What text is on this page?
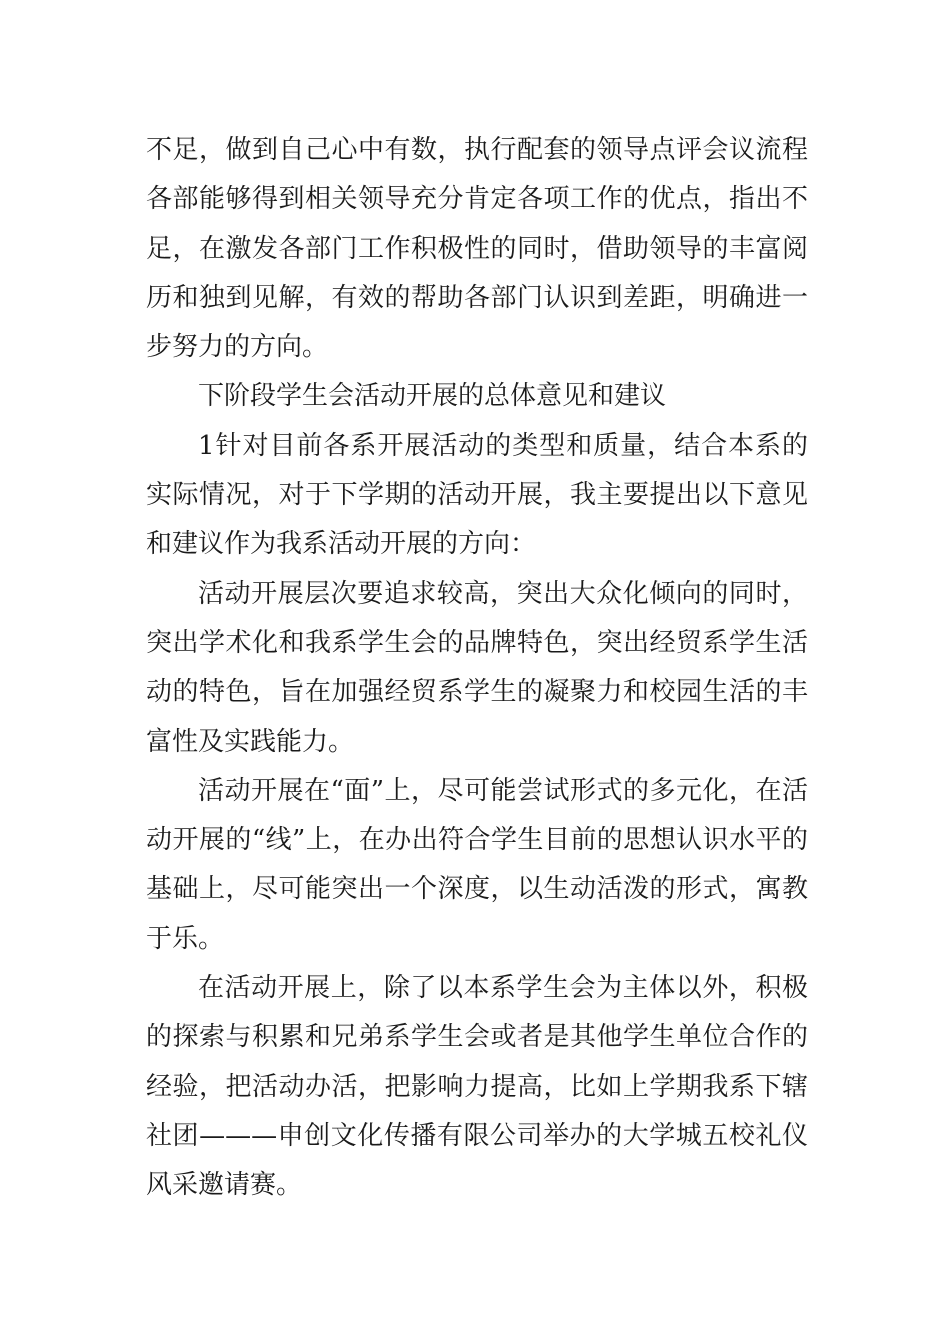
不足，做到自己心中有数，执行配套的领导点评会议流程各部能够得到相关领导充分肯定各项工作的优点，指出不足，在激发各部门工作积极性的同时，借助领导的丰富阅历和独到见解，有效的帮助各部门认识到差距，明确进一步努力的方向。

下阶段学生会活动开展的总体意见和建议

1针对目前各系开展活动的类型和质量，结合本系的实际情况，对于下学期的活动开展，我主要提出以下意见和建议作为我系活动开展的方向：

活动开展层次要追求较高，突出大众化倾向的同时，突出学术化和我系学生会的品牌特色，突出经贸系学生活动的特色，旨在加强经贸系学生的凝聚力和校园生活的丰富性及实践能力。

活动开展在“面”上，尽可能尝试形式的多元化，在活动开展的“线”上，在办出符合学生目前的思想认识水平的基础上，尽可能突出一个深度，以生动活泼的形式，寓教于乐。

在活动开展上，除了以本系学生会为主体以外，积极的探索与积累和兄弟系学生会或者是其他学生单位合作的经验，把活动办活，把影响力提高，比如上学期我系下辖社团———申创文化传播有限公司举办的大学城五校礼仪风采邀请赛。
